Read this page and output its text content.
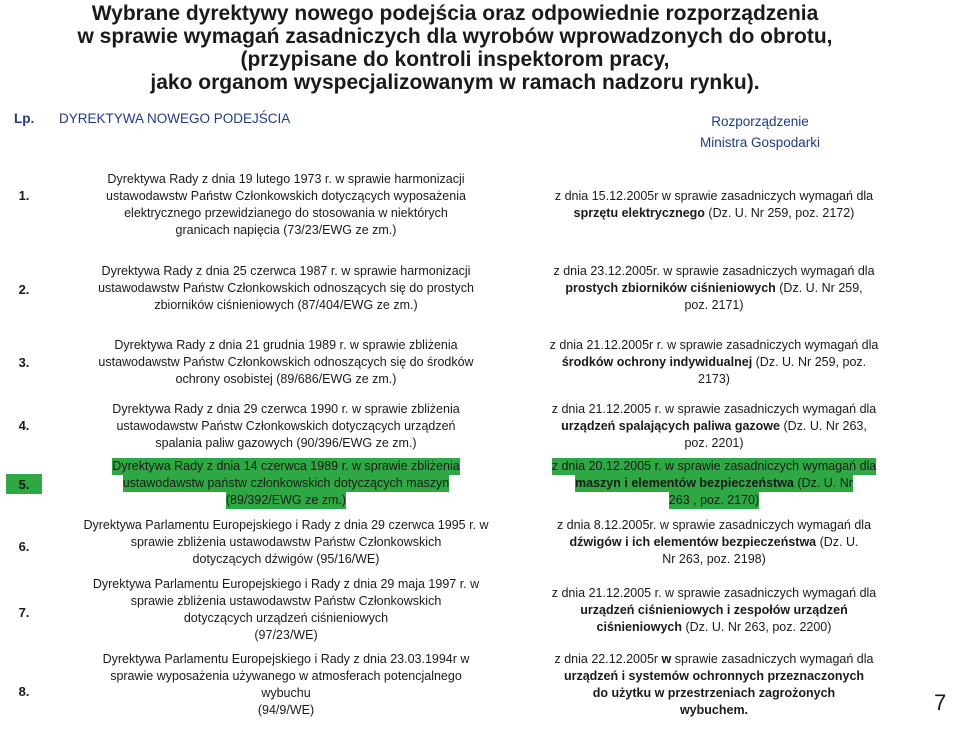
Wybrane dyrektywy nowego podejścia oraz odpowiednie rozporządzenia
w sprawie wymagań zasadniczych dla wyrobów wprowadzonych do obrotu,
(przypisane do kontroli inspektorom pracy,
jako organom wyspecjalizowanym w ramach nadzoru rynku).
Lp. DYREKTYWA NOWEGO PODEJŚCIA	Rozporządzenie
Ministra Gospodarki
1.
Dyrektywa Rady z dnia 19 lutego 1973 r. w sprawie harmonizacji
ustawodawstw Państw Członkowskich dotyczących wyposażenia
elektrycznego przewidzianego do stosowania w niektórych
granicach napięcia (73/23/EWG ze zm.)
z dnia 15.12.2005r w sprawie zasadniczych wymagań dla
sprzętu elektrycznego (Dz. U. Nr 259, poz. 2172)
2.
Dyrektywa Rady z dnia 25 czerwca 1987 r. w sprawie harmonizacji
ustawodawstw Państw Członkowskich odnoszących się do prostych
zbiorników ciśnieniowych (87/404/EWG ze zm.)
z dnia 23.12.2005r. w sprawie zasadniczych wymagań dla
prostych zbiorników ciśnieniowych (Dz. U. Nr 259,
poz. 2171)
3.
Dyrektywa Rady z dnia 21 grudnia 1989 r. w sprawie zbliżenia
ustawodawstw Państw Członkowskich odnoszących się do środków
ochrony osobistej (89/686/EWG ze zm.)
z dnia 21.12.2005r r. w sprawie zasadniczych wymagań dla
środków ochrony indywidualnej (Dz. U. Nr 259, poz.
2173)
4.
Dyrektywa Rady z dnia 29 czerwca 1990 r. w sprawie zbliżenia
ustawodawstw Państw Członkowskich dotyczących urządzeń
spalania paliw gazowych (90/396/EWG ze zm.)
z dnia 21.12.2005 r. w sprawie zasadniczych wymagań dla
urządzeń spalających paliwa gazowe (Dz. U. Nr 263,
poz. 2201)
5.
Dyrektywa Rady z dnia 14 czerwca 1989 r. w sprawie zbliżenia
ustawodawstw państw członkowskich dotyczących maszyn
(89/392/EWG ze zm.)

z dnia 20.12.2005 r. w sprawie zasadniczych wymagań dla
maszyn i elementów bezpieczeństwa (Dz. U. Nr
263 , poz. 2170)

6.
Dyrektywa Parlamentu Europejskiego i Rady z dnia 29 czerwca 1995 r. w
sprawie zbliżenia ustawodawstw Państw Członkowskich
dotyczących dźwigów (95/16/WE)
z dnia 8.12.2005r. w sprawie zasadniczych wymagań dla
dźwigów i ich elementów bezpieczeństwa (Dz. U.
Nr 263, poz. 2198)
7.
Dyrektywa Parlamentu Europejskiego i Rady z dnia 29 maja 1997 r. w
sprawie zbliżenia ustawodawstw Państw Członkowskich
dotyczących urządzeń ciśnieniowych
(97/23/WE)
z dnia 21.12.2005 r. w sprawie zasadniczych wymagań dla
urządzeń ciśnieniowych i zespołów urządzeń
ciśnieniowych (Dz. U. Nr 263, poz. 2200)
8.
Dyrektywa Parlamentu Europejskiego i Rady z dnia 23.03.1994r w
sprawie wyposażenia używanego w atmosferach potencjalnego
wybuchu
(94/9/WE)
z dnia 22.12.2005r w sprawie zasadniczych wymagań dla
urządzeń i systemów ochronnych przeznaczonych
do użytku w przestrzeniach zagrożonych
wybuchem.	7
